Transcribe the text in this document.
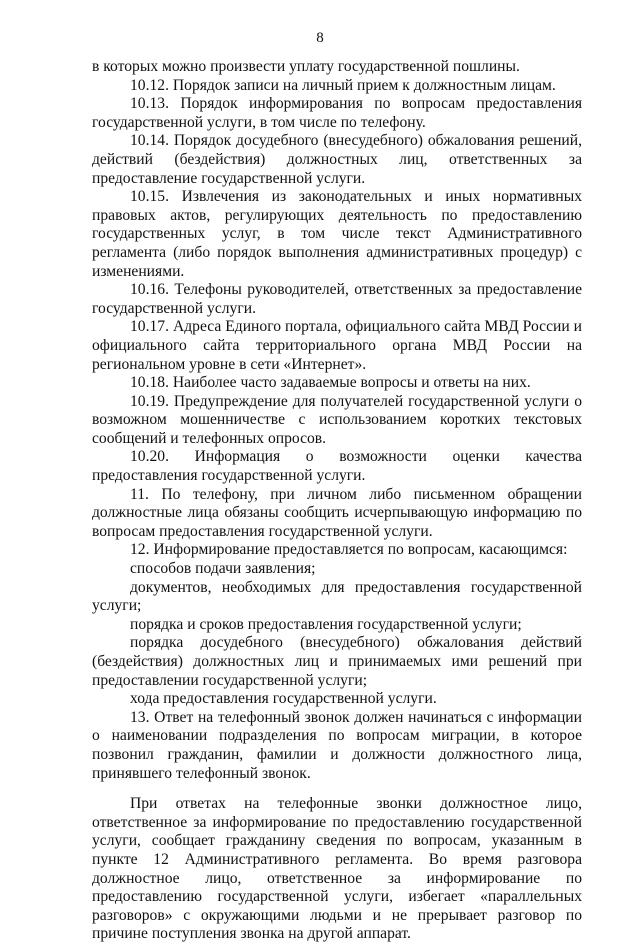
8

в которых можно произвести уплату государственной пошлины.

10.12. Порядок записи на личный прием к должностным лицам.

10.13. Порядок информирования по вопросам предоставления государственной услуги, в том числе по телефону.

10.14. Порядок досудебного (внесудебного) обжалования решений, действий (бездействия) должностных лиц, ответственных за предоставление государственной услуги.

10.15. Извлечения из законодательных и иных нормативных правовых актов, регулирующих деятельность по предоставлению государственных услуг, в том числе текст Административного регламента (либо порядок выполнения административных процедур) с изменениями.

10.16. Телефоны руководителей, ответственных за предоставление государственной услуги.

10.17. Адреса Единого портала, официального сайта МВД России и официального сайта территориального органа МВД России на региональном уровне в сети «Интернет».

10.18. Наиболее часто задаваемые вопросы и ответы на них.

10.19. Предупреждение для получателей государственной услуги о возможном мошенничестве с использованием коротких текстовых сообщений и телефонных опросов.

10.20. Информация о возможности оценки качества предоставления государственной услуги.

11. По телефону, при личном либо письменном обращении должностные лица обязаны сообщить исчерпывающую информацию по вопросам предоставления государственной услуги.

12. Информирование предоставляется по вопросам, касающимся:

способов подачи заявления;

документов, необходимых для предоставления государственной услуги;

порядка и сроков предоставления государственной услуги;

порядка досудебного (внесудебного) обжалования действий (бездействия) должностных лиц и принимаемых ими решений при предоставлении государственной услуги;

хода предоставления государственной услуги.

13. Ответ на телефонный звонок должен начинаться с информации о наименовании подразделения по вопросам миграции, в которое позвонил гражданин, фамилии и должности должностного лица, принявшего телефонный звонок.

При ответах на телефонные звонки должностное лицо, ответственное за информирование по предоставлению государственной услуги, сообщает гражданину сведения по вопросам, указанным в пункте 12 Административного регламента. Во время разговора должностное лицо, ответственное за информирование по предоставлению государственной услуги, избегает «параллельных разговоров» с окружающими людьми и не прерывает разговор по причине поступления звонка на другой аппарат.
